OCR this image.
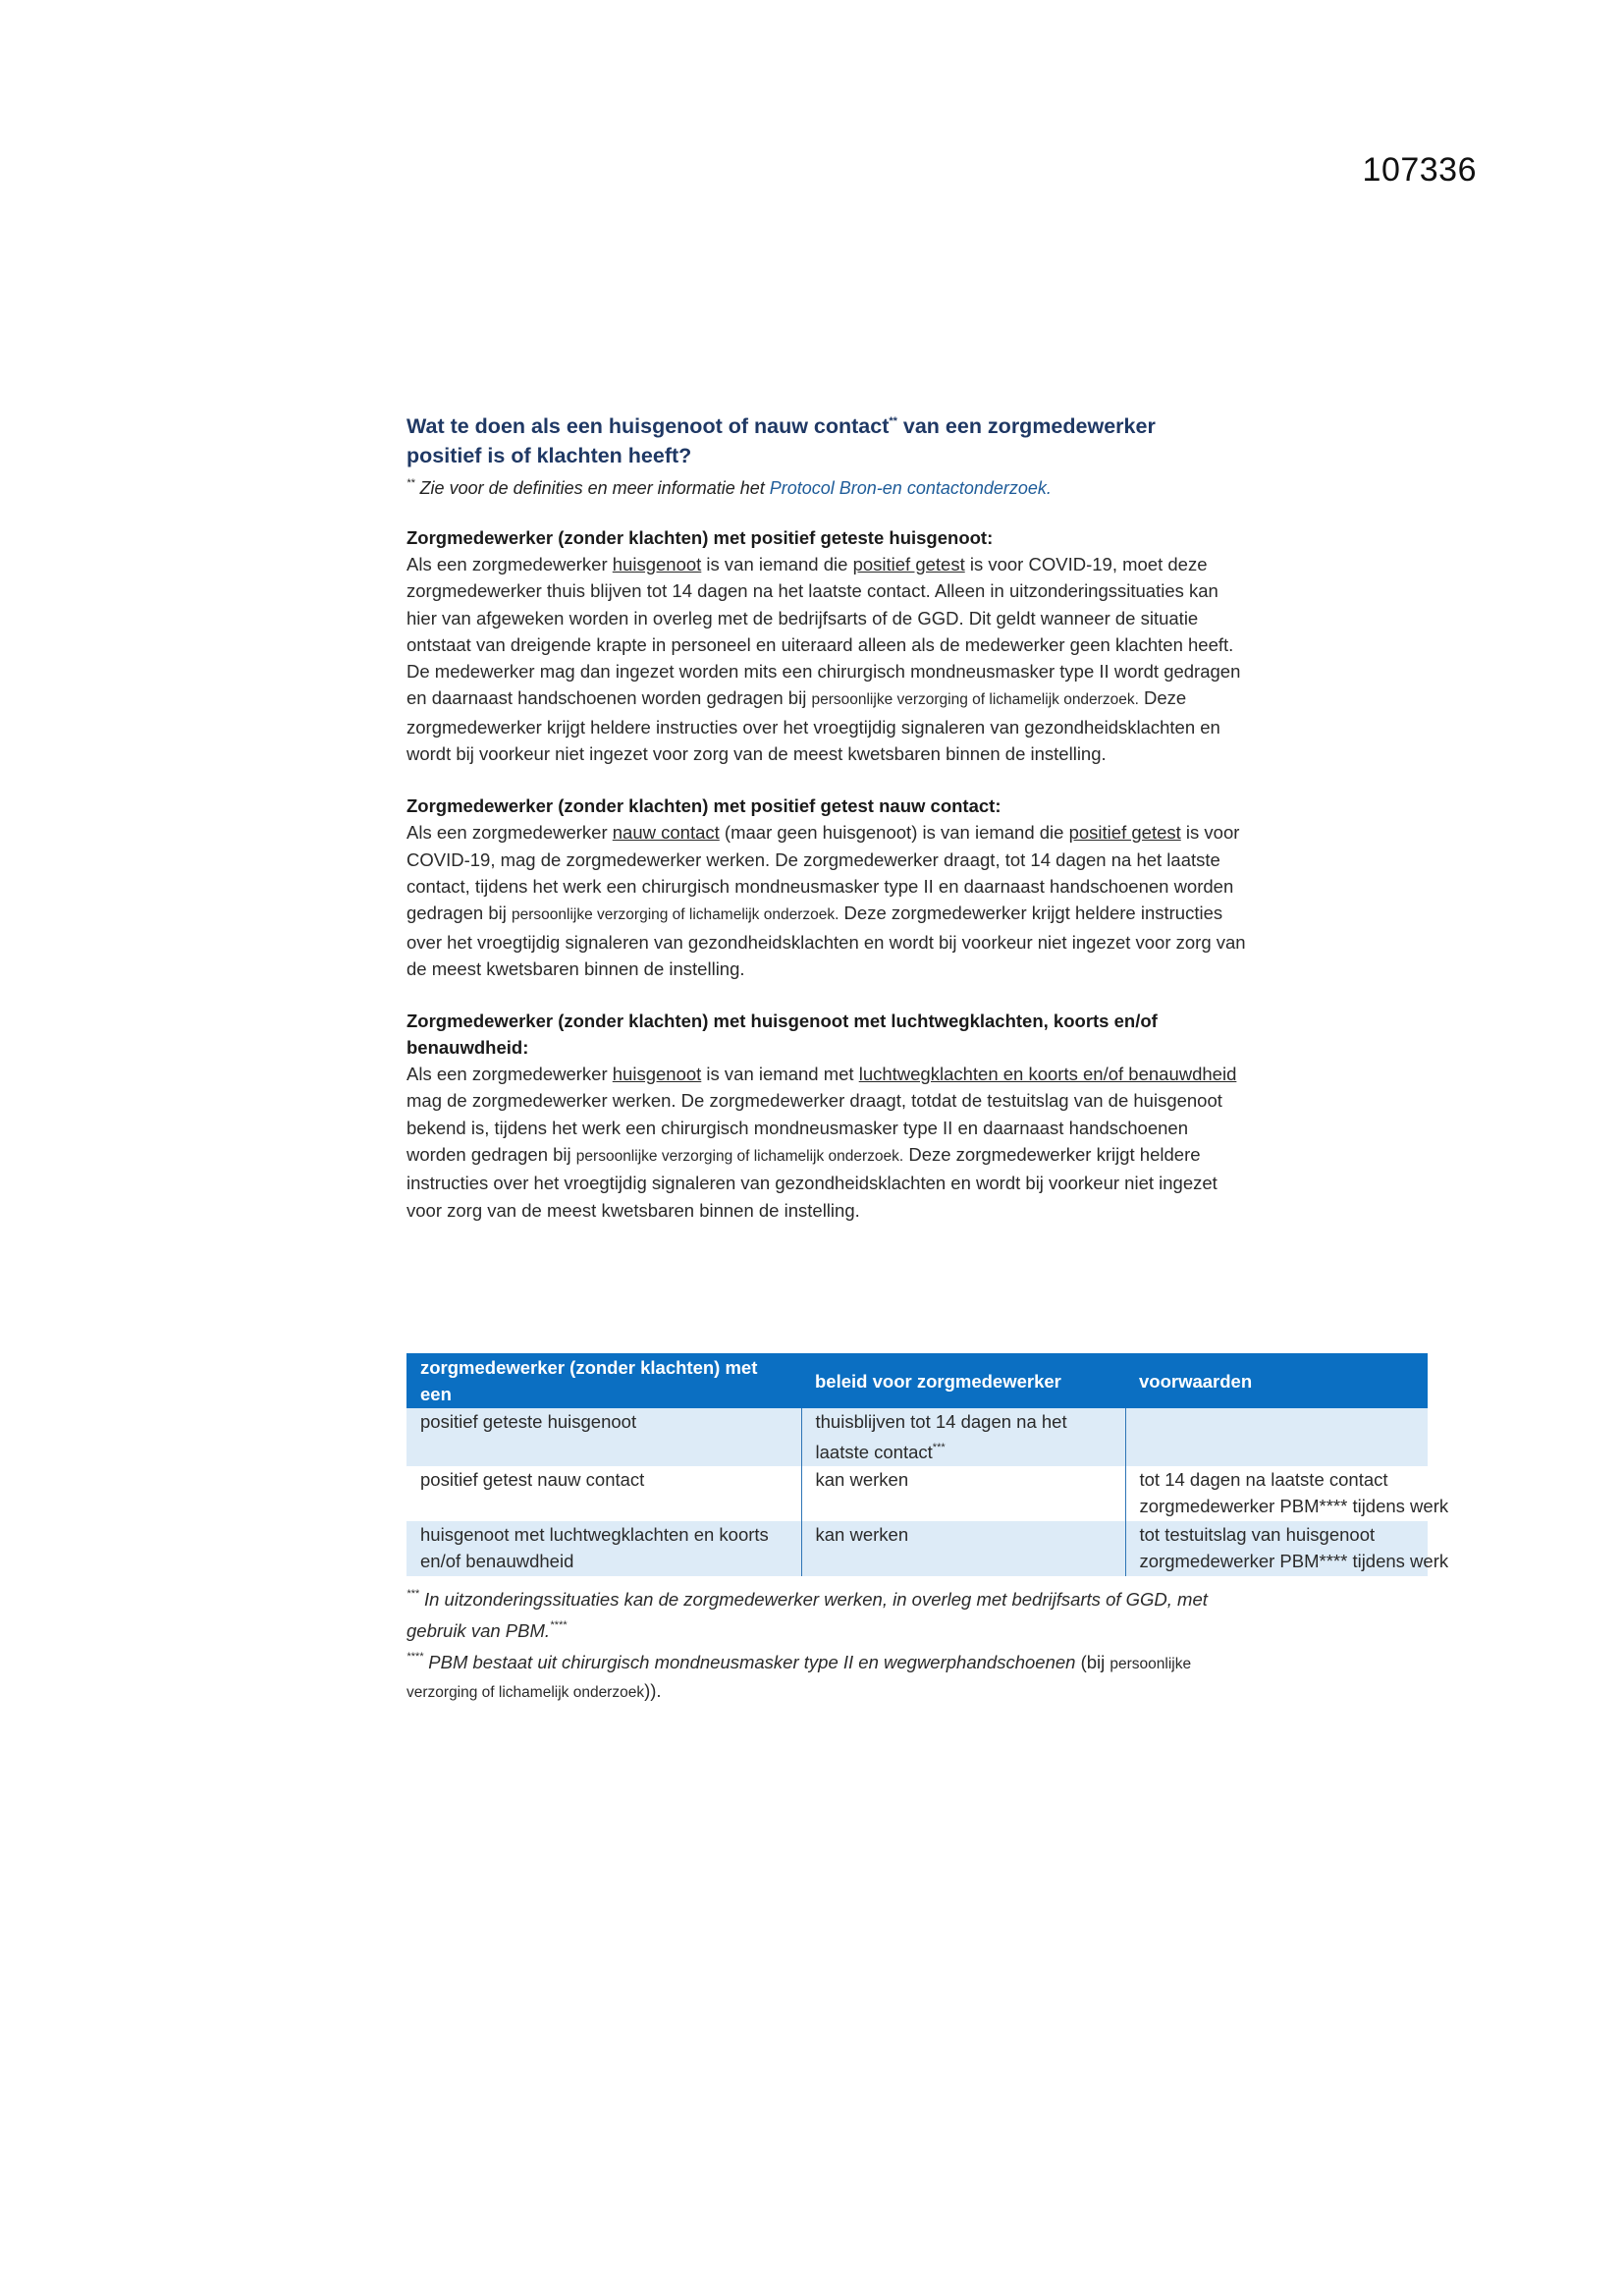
107336

Wat te doen als een huisgenoot of nauw contact** van een zorgmedewerker
positief is of klachten heeft?

** Zie voor de definities en meer informatie het Protocol Bron-en contactonderzoek.

Zorgmedewerker (zonder klachten) met positief geteste huisgenoot:

Als een zorgmedewerker huisgenoot is van iemand die positief getest is voor COVID-19, moet deze zorgmedewerker thuis blijven tot 14 dagen na het laatste contact. Alleen in uitzonderingssituaties kan hier van afgeweken worden in overleg met de bedrijfsarts of de GGD. Dit geldt wanneer de situatie ontstaat van dreigende krapte in personeel en uiteraard alleen als de medewerker geen klachten heeft. De medewerker mag dan ingezet worden mits een chirurgisch mondneusmasker type II wordt gedragen en daarnaast handschoenen worden gedragen bij persoonlijke verzorging of lichamelijk onderzoek. Deze zorgmedewerker krijgt heldere instructies over het vroegtijdig signaleren van gezondheidsklachten en wordt bij voorkeur niet ingezet voor zorg van de meest kwetsbaren binnen de instelling.

Zorgmedewerker (zonder klachten) met positief getest nauw contact:

Als een zorgmedewerker nauw contact (maar geen huisgenoot) is van iemand die positief getest is voor COVID-19, mag de zorgmedewerker werken. De zorgmedewerker draagt, tot 14 dagen na het laatste contact, tijdens het werk een chirurgisch mondneusmasker type II en daarnaast handschoenen worden gedragen bij persoonlijke verzorging of lichamelijk onderzoek. Deze zorgmedewerker krijgt heldere instructies over het vroegtijdig signaleren van gezondheidsklachten en wordt bij voorkeur niet ingezet voor zorg van de meest kwetsbaren binnen de instelling.

Zorgmedewerker (zonder klachten) met huisgenoot met luchtwegklachten, koorts en/of benauwdheid:

Als een zorgmedewerker huisgenoot is van iemand met luchtwegklachten en koorts en/of benauwdheid mag de zorgmedewerker werken. De zorgmedewerker draagt, totdat de testuitslag van de huisgenoot bekend is, tijdens het werk een chirurgisch mondneusmasker type II en daarnaast handschoenen worden gedragen bij persoonlijke verzorging of lichamelijk onderzoek. Deze zorgmedewerker krijgt heldere instructies over het vroegtijdig signaleren van gezondheidsklachten en wordt bij voorkeur niet ingezet voor zorg van de meest kwetsbaren binnen de instelling.

zorgmedewerker (zonder klachten) met een	beleid voor zorgmedewerker	voorwaarden
positief geteste huisgenoot	thuisblijven tot 14 dagen na het laatste contact***	

positief getest nauw contact	kan werken	tot 14 dagen na laatste contact
zorgmedewerker PBM**** tijdens werk
huisgenoot met luchtwegklachten en koorts en/of benauwdheid	kan werken	tot testuitslag van huisgenoot
zorgmedewerker PBM**** tijdens werk

*** In uitzonderingssituaties kan de zorgmedewerker werken, in overleg met bedrijfsarts of GGD, met gebruik van PBM.****

**** PBM bestaat uit chirurgisch mondneusmasker type II en wegwerphandschoenen (bij persoonlijke verzorging of lichamelijk onderzoek)).
